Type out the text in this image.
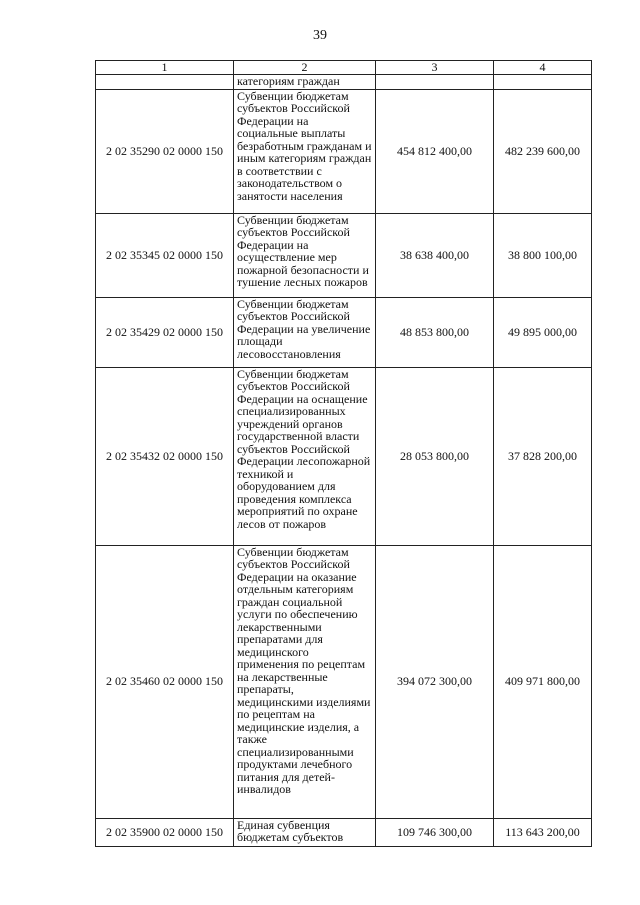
39
1	2	3	4
	категориям граждан		
2 02 35290 02 0000 150	Субвенции бюджетам субъектов Российской Федерации на социальные выплаты безработным гражданам и иным категориям граждан в соответствии с законодательством о занятости населения	454 812 400,00	482 239 600,00
2 02 35345 02 0000 150	Субвенции бюджетам субъектов Российской Федерации на осуществление мер пожарной безопасности и тушение лесных пожаров	38 638 400,00	38 800 100,00
2 02 35429 02 0000 150	Субвенции бюджетам субъектов Российской Федерации на увеличение площади лесовосстановления	48 853 800,00	49 895 000,00
2 02 35432 02 0000 150	Субвенции бюджетам субъектов Российской Федерации на оснащение специализированных учреждений органов государственной власти субъектов Российской Федерации лесопожарной техникой и оборудованием для проведения комплекса мероприятий по охране лесов от пожаров	28 053 800,00	37 828 200,00
2 02 35460 02 0000 150	Субвенции бюджетам субъектов Российской Федерации на оказание отдельным категориям граждан социальной услуги по обеспечению лекарственными препаратами для медицинского применения по рецептам на лекарственные препараты, медицинскими изделиями по рецептам на медицинские изделия, а также специализированными продуктами лечебного питания для детей-инвалидов	394 072 300,00	409 971 800,00
2 02 35900 02 0000 150	Единая субвенция бюджетам субъектов	109 746 300,00	113 643 200,00
